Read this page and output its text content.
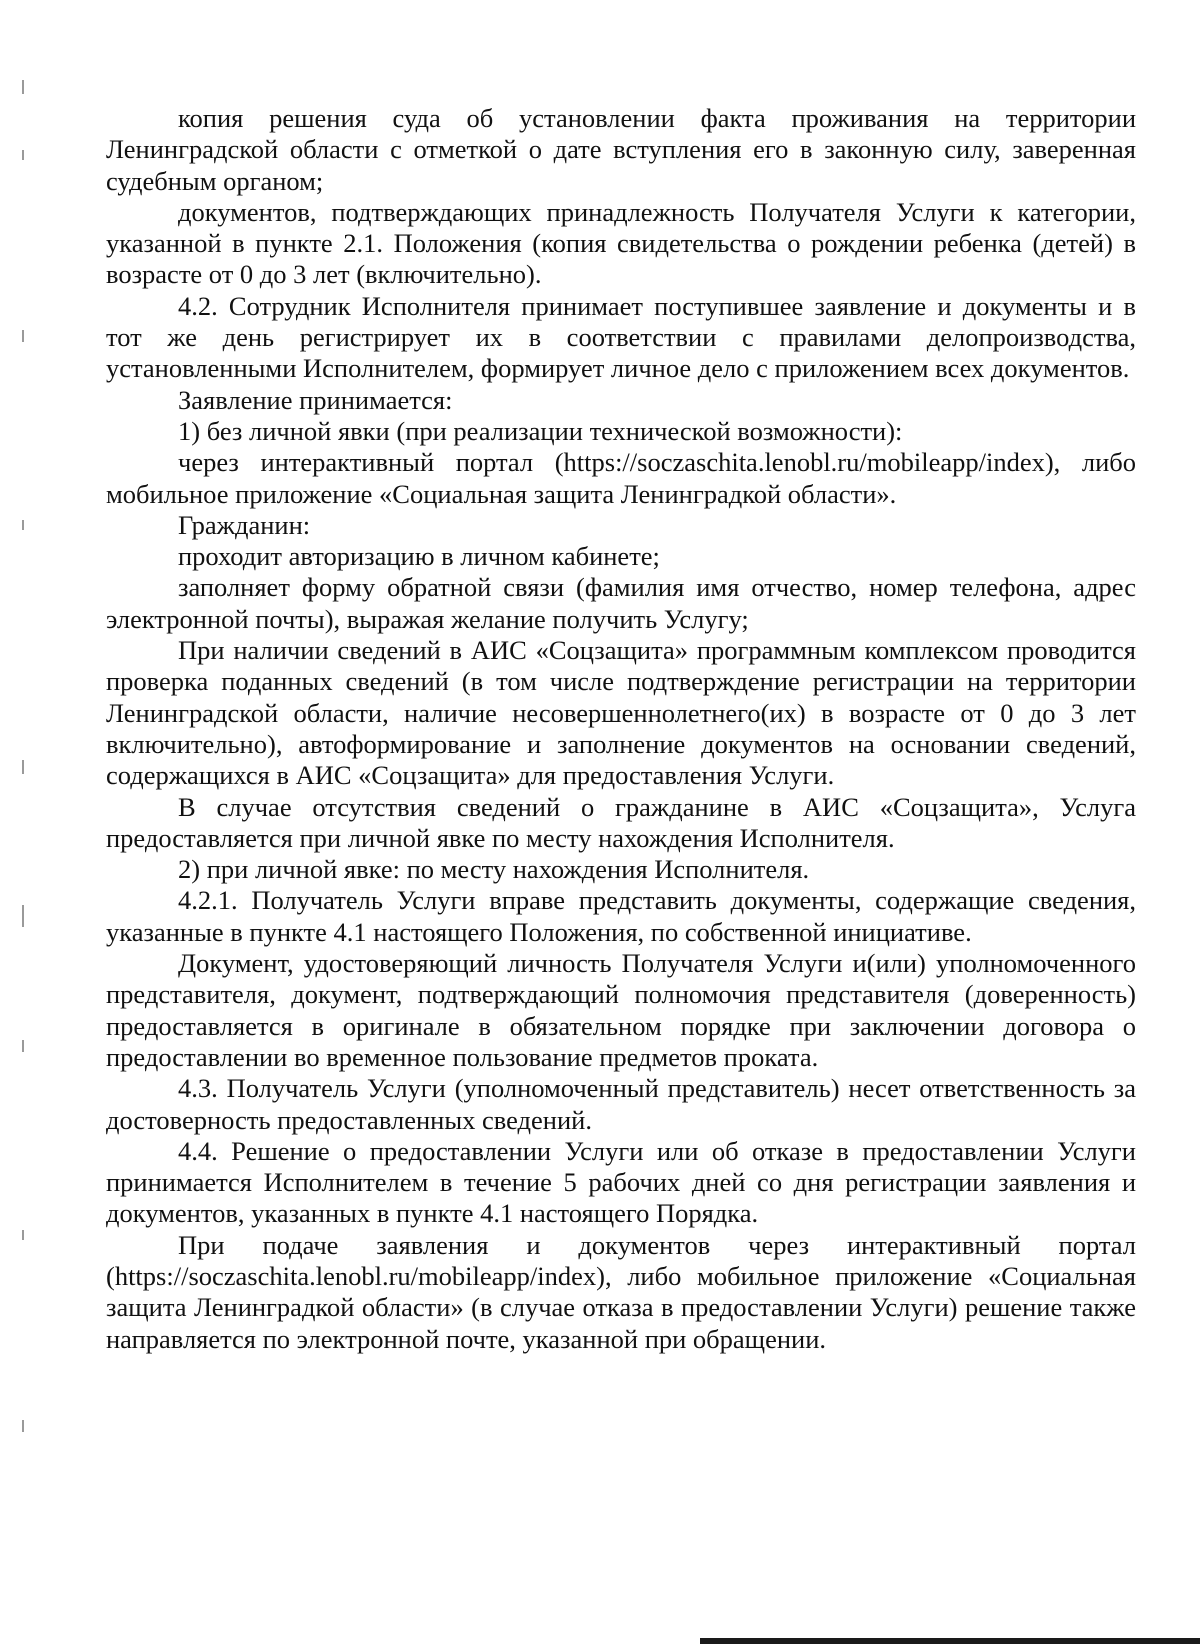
копия решения суда об установлении факта проживания на территории Ленинградской области с отметкой о дате вступления его в законную силу, заверенная судебным органом;

документов, подтверждающих принадлежность Получателя Услуги к категории, указанной в пункте 2.1. Положения (копия свидетельства о рождении ребенка (детей) в возрасте от 0 до 3 лет (включительно).

4.2. Сотрудник Исполнителя принимает поступившее заявление и документы и в тот же день регистрирует их в соответствии с правилами делопроизводства, установленными Исполнителем, формирует личное дело с приложением всех документов.

Заявление принимается:

1) без личной явки (при реализации технической возможности):

через интерактивный портал (https://soczaschita.lenobl.ru/mobileapp/index), либо мобильное приложение «Социальная защита Ленинградкой области».

Гражданин:

проходит авторизацию в личном кабинете;

заполняет форму обратной связи (фамилия имя отчество, номер телефона, адрес электронной почты), выражая желание получить Услугу;

При наличии сведений в АИС «Соцзащита» программным комплексом проводится проверка поданных сведений (в том числе подтверждение регистрации на территории Ленинградской области, наличие несовершеннолетнего(их) в возрасте от 0 до 3 лет включительно), автоформирование и заполнение документов на основании сведений, содержащихся в АИС «Соцзащита» для предоставления Услуги.

В случае отсутствия сведений о гражданине в АИС «Соцзащита», Услуга предоставляется при личной явке по месту нахождения Исполнителя.

2) при личной явке: по месту нахождения Исполнителя.

4.2.1. Получатель Услуги вправе представить документы, содержащие сведения, указанные в пункте 4.1 настоящего Положения, по собственной инициативе.

Документ, удостоверяющий личность Получателя Услуги и(или) уполномоченного представителя, документ, подтверждающий полномочия представителя (доверенность) предоставляется в оригинале в обязательном порядке при заключении договора о предоставлении во временное пользование предметов проката.

4.3. Получатель Услуги (уполномоченный представитель) несет ответственность за достоверность предоставленных сведений.

4.4. Решение о предоставлении Услуги или об отказе в предоставлении Услуги принимается Исполнителем в течение 5 рабочих дней со дня регистрации заявления и документов, указанных в пункте 4.1 настоящего Порядка.

При подаче заявления и документов через интерактивный портал (https://soczaschita.lenobl.ru/mobileapp/index), либо мобильное приложение «Социальная защита Ленинградкой области» (в случае отказа в предоставлении Услуги) решение также направляется по электронной почте, указанной при обращении.
